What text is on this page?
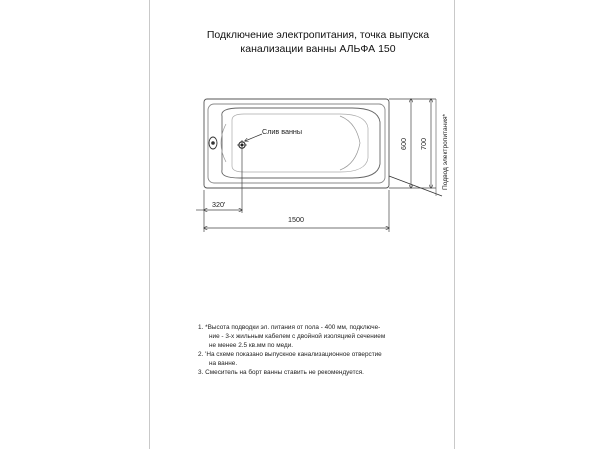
Подключение электропитания, точка выпуска
канализации ванны АЛЬФА 150
1. *Высота подводки эл. питания от пола - 400 мм, подключе-
ние - 3-х жильным кабелем с двойной изоляцией сечением
не менее 2.5 кв.мм по меди.
2. 'На схеме показано выпускное канализационное отверстие
на ванне.
3. Смеситель на борт ванны ставить не рекомендуется.
Слив ванны
320'
1500
600 700 Подвод электропитания*
